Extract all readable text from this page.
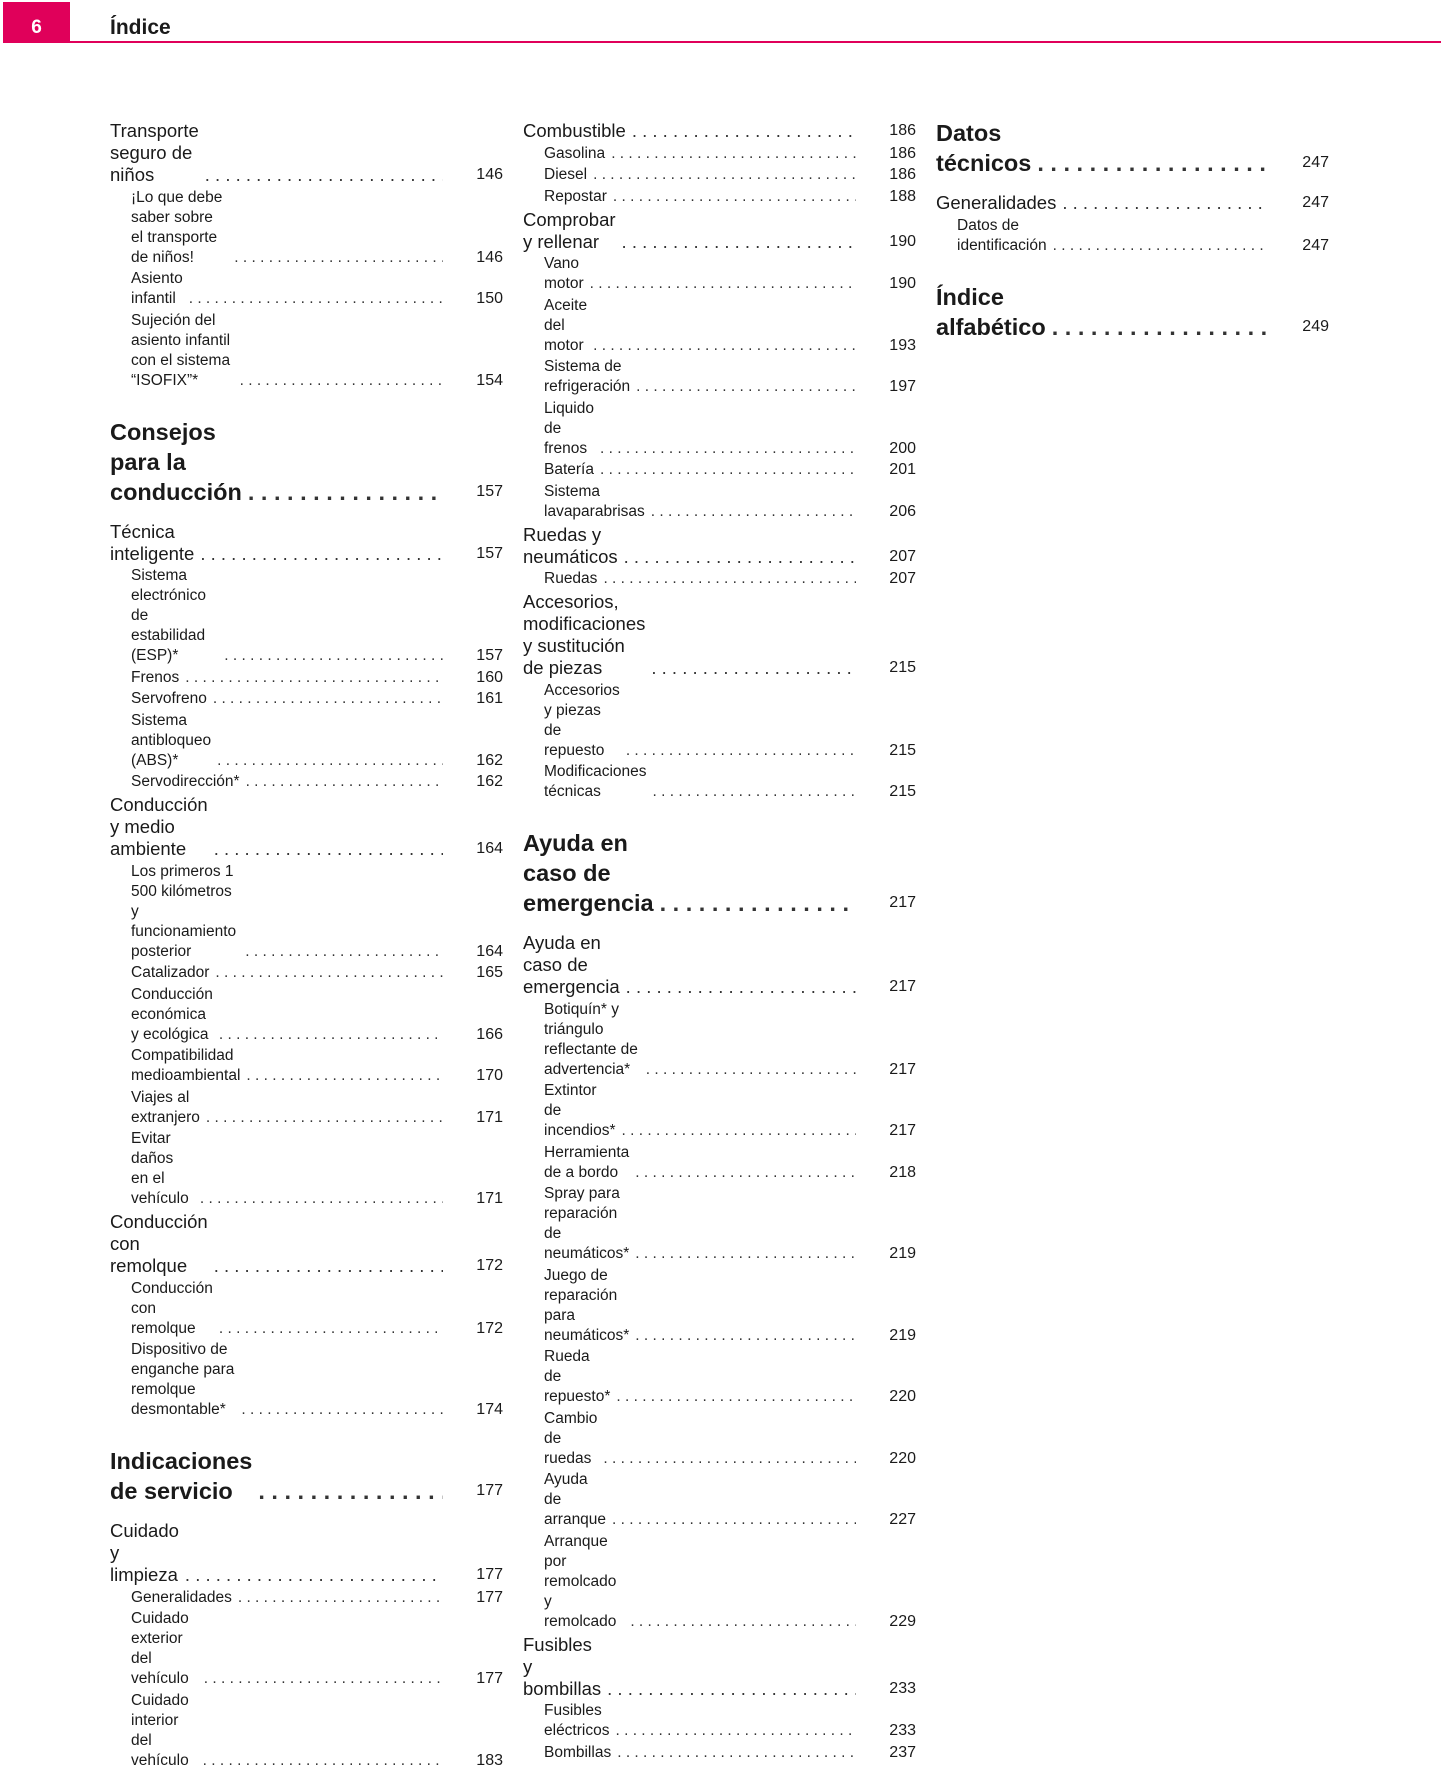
6	Índice
Transporte seguro de niños . . .	146
¡Lo que debe saber sobre el transporte de niños! . . .	146
Asiento infantil . . .	150
Sujeción del asiento infantil con el sistema “ISOFIX”* . . .	154
Consejos para la conducción . . .	157
Técnica inteligente . . .	157
Sistema electrónico de estabilidad (ESP)* . . .	157
Frenos . . .	160
Servofreno . . .	161
Sistema antibloqueo (ABS)* . . .	162
Servodirección* . . .	162
Conducción y medio ambiente . . .	164
Los primeros 1 500 kilómetros y funcionamiento posterior . . .	164
Catalizador . . .	165
Conducción económica y ecológica . . .	166
Compatibilidad medioambiental . . .	170
Viajes al extranjero . . .	171
Evitar daños en el vehículo . . .	171
Conducción con remolque . . .	172
Conducción con remolque . . .	172
Dispositivo de enganche para remolque desmontable* . . .	174
Indicaciones de servicio . . .	177
Cuidado y limpieza . . .	177
Generalidades . . .	177
Cuidado exterior del vehículo . . .	177
Cuidado interior del vehículo . . .	183
Combustible . . .	186
Gasolina . . .	186
Diesel . . .	186
Repostar . . .	188
Comprobar y rellenar . . .	190
Vano motor . . .	190
Aceite del motor . . .	193
Sistema de refrigeración . . .	197
Liquido de frenos . . .	200
Batería . . .	201
Sistema lavaparabrisas . . .	206
Ruedas y neumáticos . . .	207
Ruedas . . .	207
Accesorios, modificaciones y sustitución de piezas . . .	215
Accesorios y piezas de repuesto . . .	215
Modificaciones técnicas . . .	215
Ayuda en caso de emergencia . . .	217
Ayuda en caso de emergencia . . .	217
Botiquín* y triángulo reflectante de advertencia* . . .	217
Extintor de incendios* . . .	217
Herramienta de a bordo . . .	218
Spray para reparación de neumáticos* . . .	219
Juego de reparación para neumáticos* . . .	219
Rueda de repuesto* . . .	220
Cambio de ruedas . . .	220
Ayuda de arranque . . .	227
Arranque por remolcado y remolcado . . .	229
Fusibles y bombillas . . .	233
Fusibles eléctricos . . .	233
Bombillas . . .	237
Datos técnicos . . .	247
Generalidades . . .	247
Datos de identificación . . .	247
Índice alfabético . . .	249
